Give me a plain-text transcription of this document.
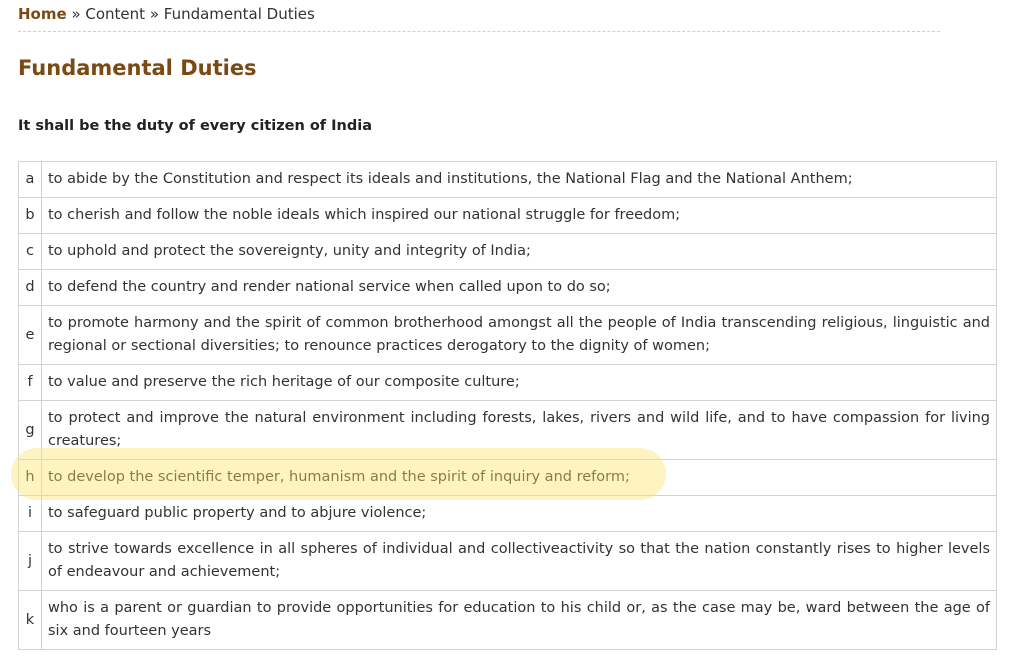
Home » Content » Fundamental Duties
Fundamental Duties

It shall be the duty of every citizen of India

a	to abide by the Constitution and respect its ideals and institutions, the National Flag and the National Anthem;
b	to cherish and follow the noble ideals which inspired our national struggle for freedom;
c	to uphold and protect the sovereignty, unity and integrity of India;
d	to defend the country and render national service when called upon to do so;
e	to promote harmony and the spirit of common brotherhood amongst all the people of India transcending religious, linguistic and regional or sectional diversities; to renounce practices derogatory to the dignity of women;
f	to value and preserve the rich heritage of our composite culture;
g	to protect and improve the natural environment including forests, lakes, rivers and wild life, and to have compassion for living creatures;
h	to develop the scientific temper, humanism and the spirit of inquiry and reform;
i	to safeguard public property and to abjure violence;
j	to strive towards excellence in all spheres of individual and collectiveactivity so that the nation constantly rises to higher levels of endeavour and achievement;
k	who is a parent or guardian to provide opportunities for education to his child or, as the case may be, ward between the age of six and fourteen years
